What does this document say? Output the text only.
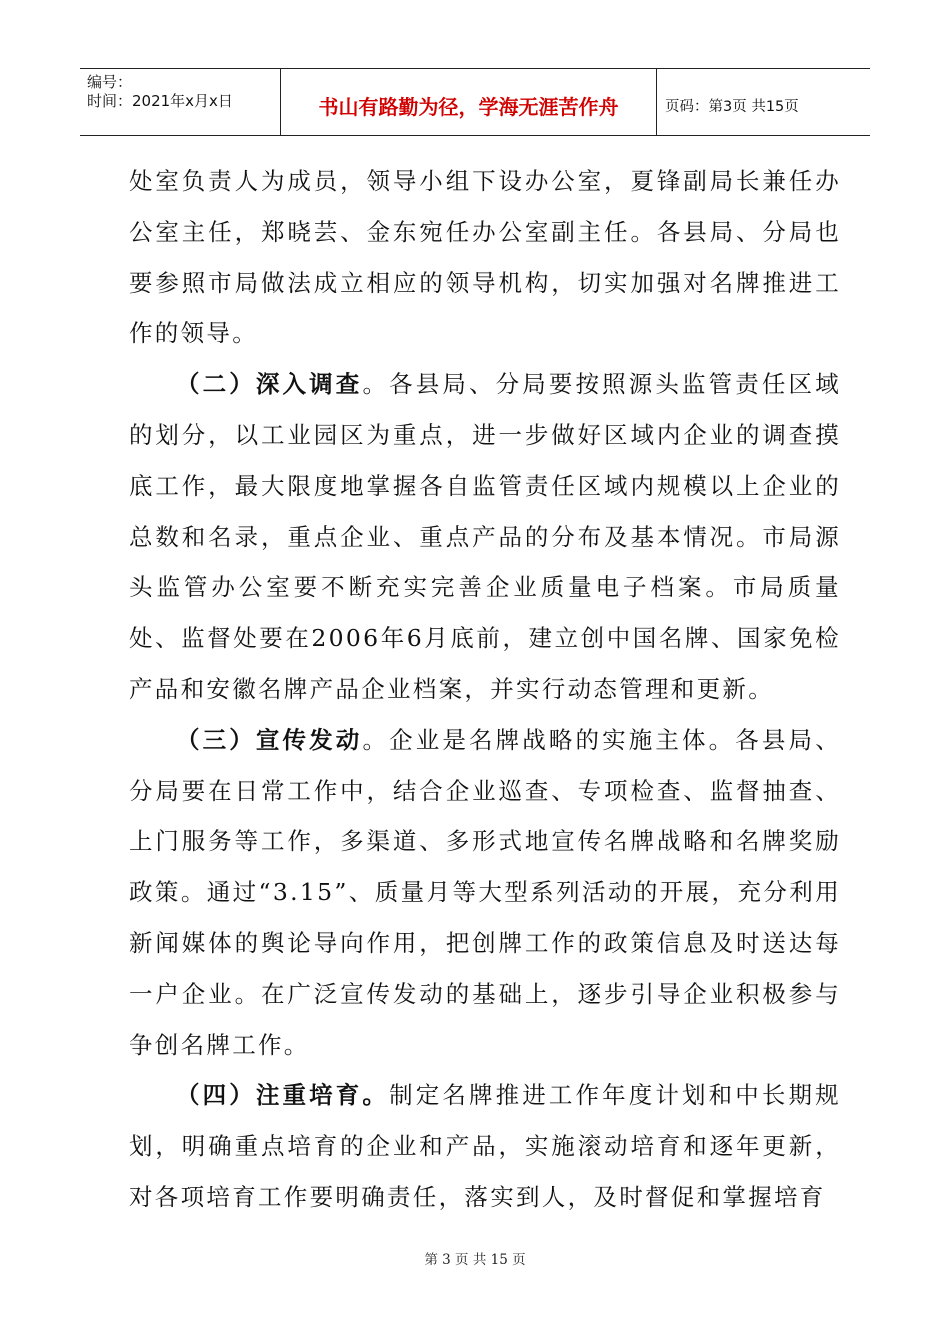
编号：
时间：2021年x月x日	书山有路勤为径，学海无涯苦作舟	页码：第3页 共15页

处室负责人为成员，领导小组下设办公室，夏锋副局长兼任办公室主任，郑晓芸、金东宛任办公室副主任。各县局、分局也要参照市局做法成立相应的领导机构，切实加强对名牌推进工作的领导。

（二）深入调查。各县局、分局要按照源头监管责任区域的划分，以工业园区为重点，进一步做好区域内企业的调查摸底工作，最大限度地掌握各自监管责任区域内规模以上企业的总数和名录，重点企业、重点产品的分布及基本情况。市局源头监管办公室要不断充实完善企业质量电子档案。市局质量处、监督处要在2006年6月底前，建立创中国名牌、国家免检产品和安徽名牌产品企业档案，并实行动态管理和更新。

（三）宣传发动。企业是名牌战略的实施主体。各县局、分局要在日常工作中，结合企业巡查、专项检查、监督抽查、上门服务等工作，多渠道、多形式地宣传名牌战略和名牌奖励政策。通过“3.15”、质量月等大型系列活动的开展，充分利用新闻媒体的舆论导向作用，把创牌工作的政策信息及时送达每一户企业。在广泛宣传发动的基础上，逐步引导企业积极参与争创名牌工作。

（四）注重培育。制定名牌推进工作年度计划和中长期规划，明确重点培育的企业和产品，实施滚动培育和逐年更新，对各项培育工作要明确责任，落实到人，及时督促和掌握培育

第 3 页 共 15 页
